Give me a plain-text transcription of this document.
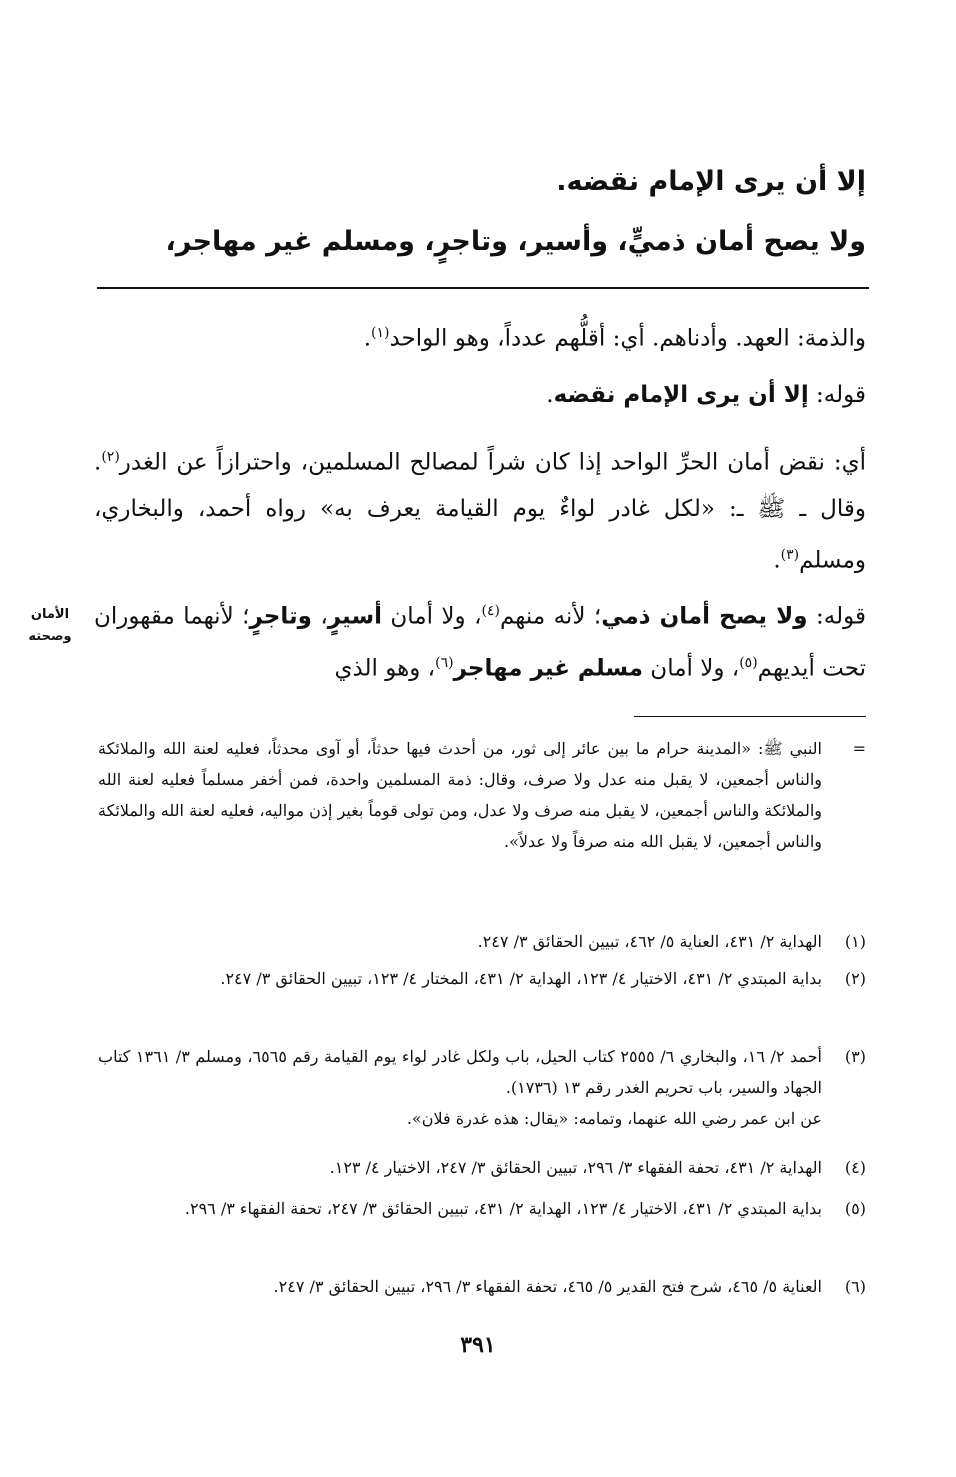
إلا أن يرى الإمام نقضه.
ولا يصح أمان ذميٍّ، وأسير، وتاجرٍ، ومسلم غير مهاجر،
والذمة: العهد. وأدناهم. أي: أقلُّهم عدداً، وهو الواحد$^{(١)}$.
قوله: إلا أن يرى الإمام نقضه.
أي: نقض أمان الحرِّ الواحد إذا كان شراً لمصالح المسلمين، واحترازاً عن الغدر$^{(٢)}$. وقال ـ ﷺ ـ: «لكل غادر لواءٌ يوم القيامة يعرف به» رواه أحمد، والبخاري، ومسلم$^{(٣)}$.
قوله: ولا يصح أمان ذمي؛ لأنه منهم$^{(٤)}$، ولا أمان أسيرٍ، وتاجرٍ؛ لأنهما مقهوران تحت أيديهم$^{(٥)}$، ولا أمان مسلم غير مهاجر$^{(٦)}$، وهو الذي
الأمان
وصحته
=
النبي ﷺ: «المدينة حرام ما بين عائر إلى ثور، من أحدث فيها حدثاً، أو آوى محدثاً، فعليه لعنة الله والملائكة والناس أجمعين، لا يقبل منه عدل ولا صرف، وقال: ذمة المسلمين واحدة، فمن أخفر مسلماً فعليه لعنة الله والملائكة والناس أجمعين، لا يقبل منه صرف ولا عدل، ومن تولى قوماً بغير إذن مواليه، فعليه لعنة الله والملائكة والناس أجمعين، لا يقبل الله منه صرفاً ولا عدلاً».
(١)
الهداية ٢/ ٤٣١، العناية ٥/ ٤٦٢، تبيين الحقائق ٣/ ٢٤٧.
(٢)
بداية المبتدي ٢/ ٤٣١، الاختيار ٤/ ١٢٣، الهداية ٢/ ٤٣١، المختار ٤/ ١٢٣، تبيين الحقائق ٣/ ٢٤٧.
(٣)
أحمد ٢/ ١٦، والبخاري ٦/ ٢٥٥٥ كتاب الحيل، باب ولكل غادر لواء يوم القيامة رقم ٦٥٦٥، ومسلم ٣/ ١٣٦١ كتاب الجهاد والسير، باب تحريم الغدر رقم ١٣ (١٧٣٦).
عن ابن عمر رضي الله عنهما، وتمامه: «يقال: هذه غدرة فلان».
(٤)
الهداية ٢/ ٤٣١، تحفة الفقهاء ٣/ ٢٩٦، تبيين الحقائق ٣/ ٢٤٧، الاختيار ٤/ ١٢٣.
(٥)
بداية المبتدي ٢/ ٤٣١، الاختيار ٤/ ١٢٣، الهداية ٢/ ٤٣١، تبيين الحقائق ٣/ ٢٤٧، تحفة الفقهاء ٣/ ٢٩٦.
(٦)
العناية ٥/ ٤٦٥، شرح فتح القدير ٥/ ٤٦٥، تحفة الفقهاء ٣/ ٢٩٦، تبيين الحقائق ٣/ ٢٤٧.
٣٩١
